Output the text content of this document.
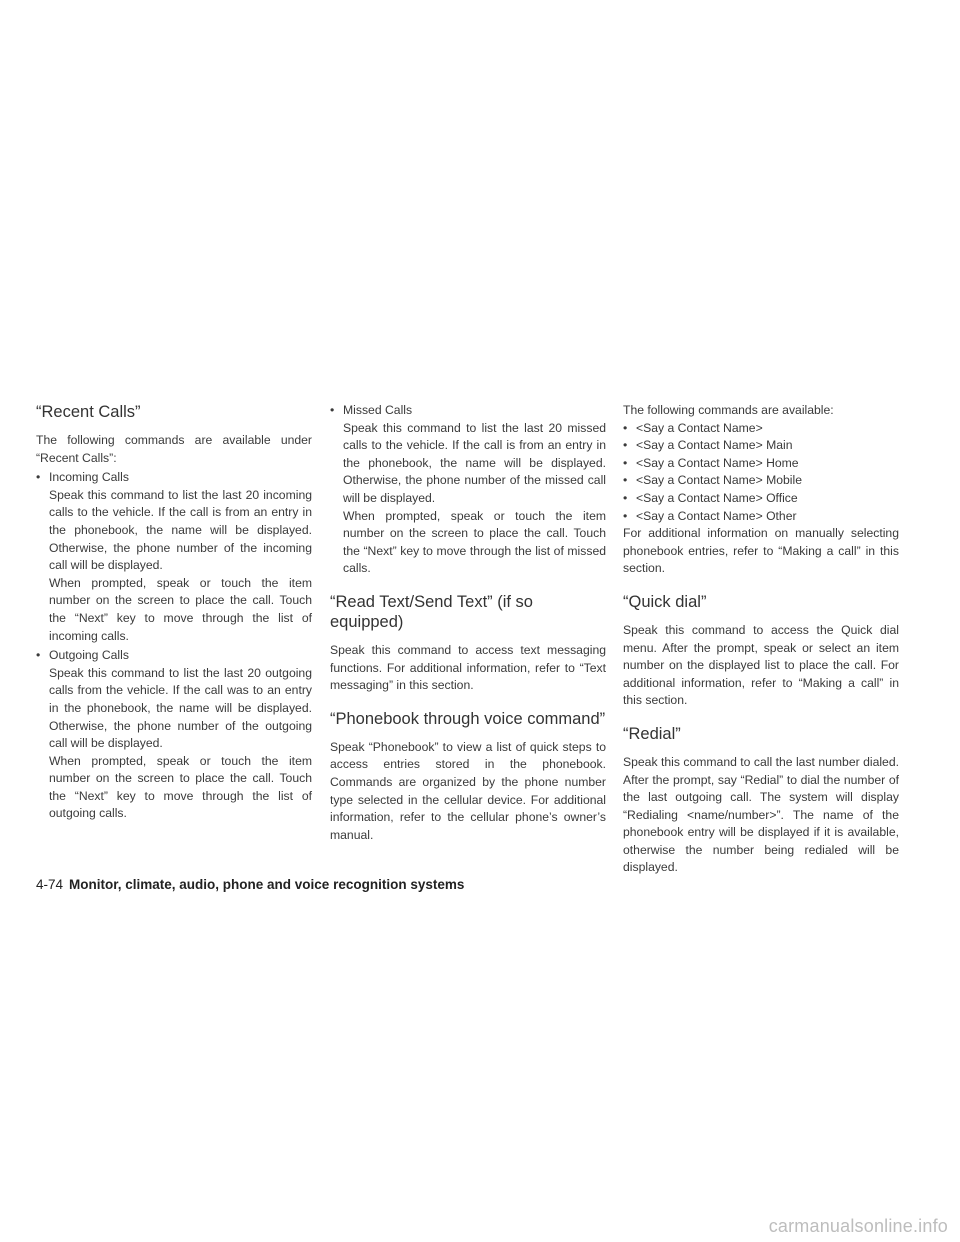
“Recent Calls”

The following commands are available under “Recent Calls”:

• Incoming Calls
Speak this command to list the last 20 incoming calls to the vehicle. If the call is from an entry in the phonebook, the name will be displayed. Otherwise, the phone number of the incoming call will be displayed.
When prompted, speak or touch the item number on the screen to place the call. Touch the “Next” key to move through the list of incoming calls.
• Outgoing Calls
Speak this command to list the last 20 outgoing calls from the vehicle. If the call was to an entry in the phonebook, the name will be displayed. Otherwise, the phone number of the outgoing call will be displayed.
When prompted, speak or touch the item number on the screen to place the call. Touch the “Next” key to move through the list of outgoing calls.
• Missed Calls
Speak this command to list the last 20 missed calls to the vehicle. If the call is from an entry in the phonebook, the name will be displayed. Otherwise, the phone number of the missed call will be displayed.
When prompted, speak or touch the item number on the screen to place the call. Touch the “Next” key to move through the list of missed calls.
“Read Text/Send Text” (if so equipped)

Speak this command to access text messaging functions. For additional information, refer to “Text messaging” in this section.

“Phonebook through voice command”

Speak “Phonebook” to view a list of quick steps to access entries stored in the phonebook. Commands are organized by the phone number type selected in the cellular device. For additional information, refer to the cellular phone’s owner’s manual.

The following commands are available:

• <Say a Contact Name>
• <Say a Contact Name> Main
• <Say a Contact Name> Home
• <Say a Contact Name> Mobile
• <Say a Contact Name> Office
• <Say a Contact Name> Other

For additional information on manually selecting phonebook entries, refer to “Making a call” in this section.

“Quick dial”

Speak this command to access the Quick dial menu. After the prompt, speak or select an item number on the displayed list to place the call. For additional information, refer to “Making a call” in this section.

“Redial”

Speak this command to call the last number dialed. After the prompt, say “Redial” to dial the number of the last outgoing call. The system will display “Redialing <name/number>”. The name of the phonebook entry will be displayed if it is available, otherwise the number being redialed will be displayed.

4-74 Monitor, climate, audio, phone and voice recognition systems
carmanualsonline.info
